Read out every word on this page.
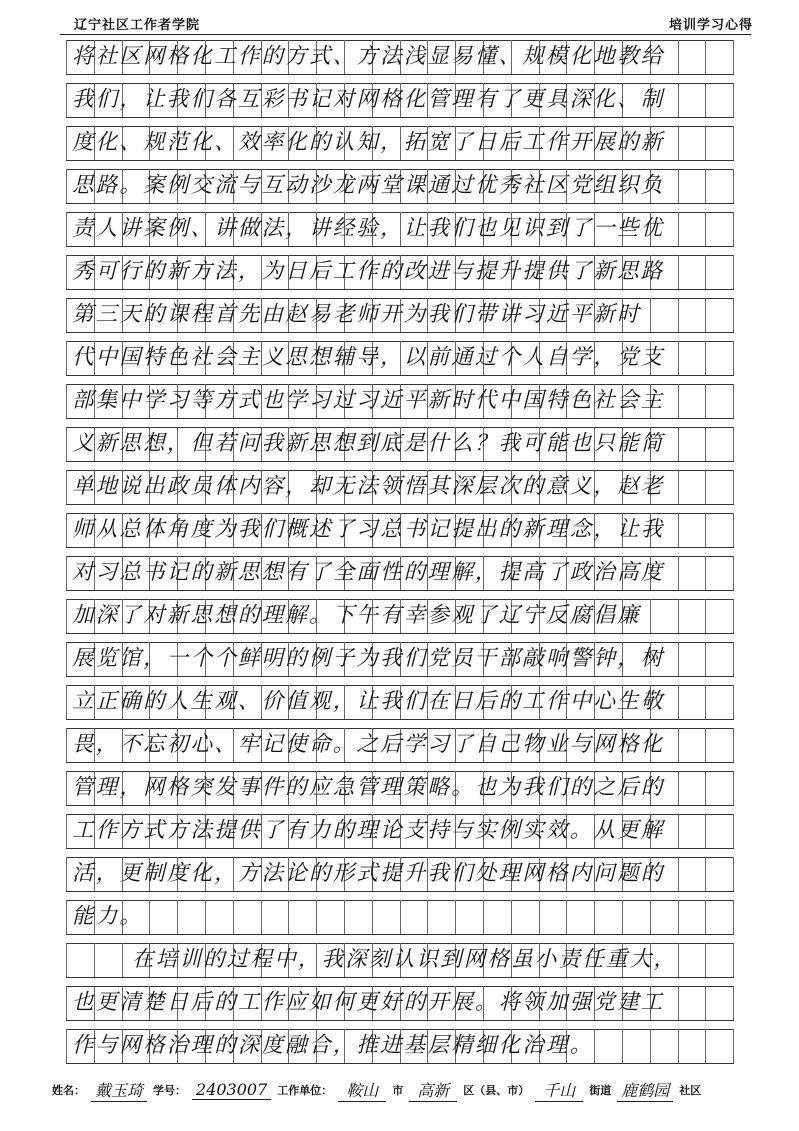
辽宁社区工作者学院	培训学习心得
将社区网格化工作的方式、方法浅显易懂、规模化地教给
我们，让我们各互彩书记对网格化管理有了更具深化、制
度化、规范化、效率化的认知，拓宽了日后工作开展的新
思路。案例交流与互动沙龙两堂课通过优秀社区党组织负
责人讲案例、讲做法，讲经验，让我们也见识到了一些优
秀可行的新方法，为日后工作的改进与提升提供了新思路
第三天的课程首先由赵易老师开为我们带讲习近平新时
代中国特色社会主义思想辅导，以前通过个人自学，党支
部集中学习等方式也学习过习近平新时代中国特色社会主
义新思想，但若问我新思想到底是什么？我可能也只能简
单地说出政员体内容，却无法领悟其深层次的意义，赵老
师从总体角度为我们概述了习总书记提出的新理念，让我
对习总书记的新思想有了全面性的理解，提高了政治高度
加深了对新思想的理解。下午有幸参观了辽宁反腐倡廉
展览馆，一个个鲜明的例子为我们党员干部敲响警钟，树
立正确的人生观、价值观，让我们在日后的工作中心生敬
畏，不忘初心、牢记使命。之后学习了自己物业与网格化
管理，网格突发事件的应急管理策略。也为我们的之后的
工作方式方法提供了有力的理论支持与实例实效。从更解
活，更制度化，方法论的形式提升我们处理网格内问题的
能力。
在培训的过程中，我深刻认识到网格虽小责任重大，
也更清楚日后的工作应如何更好的开展。将领加强党建工
作与网格治理的深度融合，推进基层精细化治理。
姓名： 戴玉琦 学号： 2403007 工作单位： 鞍山	市 高新	区（县、市） 千山	街道 鹿鹤园 社区
